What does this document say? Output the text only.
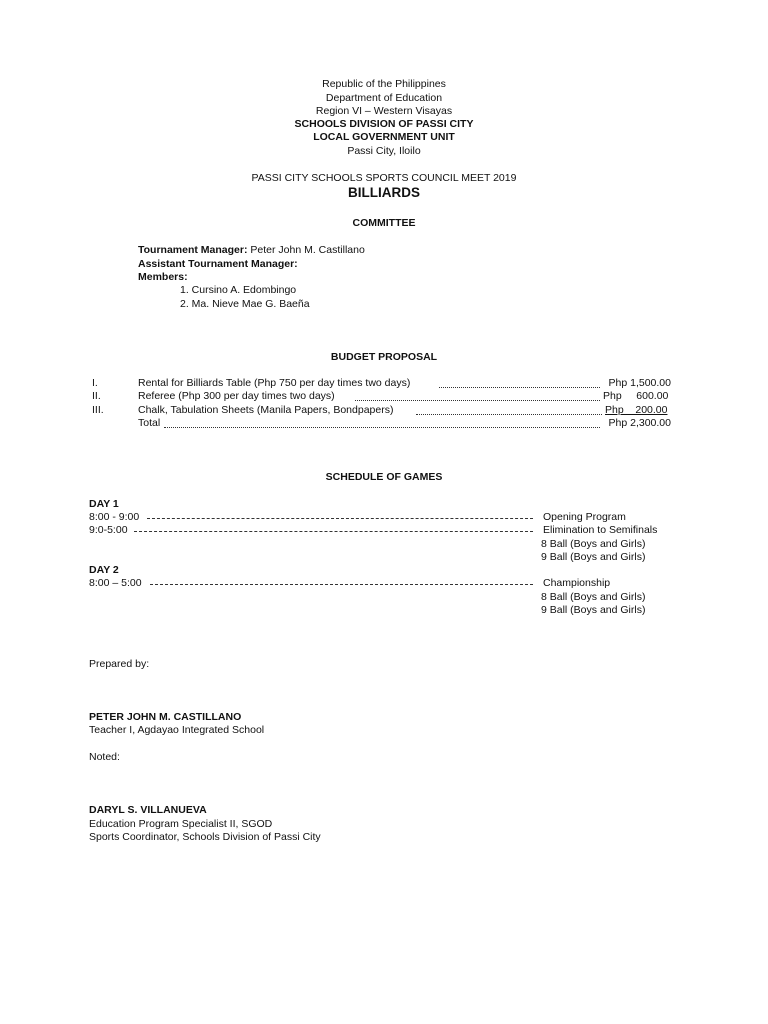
Republic of the Philippines
Department of Education
Region VI – Western Visayas
SCHOOLS DIVISION OF PASSI CITY
LOCAL GOVERNMENT UNIT
Passi City, Iloilo
PASSI CITY SCHOOLS SPORTS COUNCIL MEET 2019
BILLIARDS
COMMITTEE
Tournament Manager: Peter John M. Castillano
Assistant Tournament Manager:
Members:
1. Cursino A. Edombingo
2. Ma. Nieve Mae G. Baeña
BUDGET PROPOSAL
I.	Rental for Billiards Table (Php 750 per day times two days)	Php 1,500.00
II.	Referee (Php 300 per day times two days)	Php     600.00
III.	Chalk, Tabulation Sheets (Manila Papers, Bondpapers)	Php    200.00
Total	Php 2,300.00
SCHEDULE OF GAMES
DAY 1
8:00 - 9:00	Opening Program
9:0-5:00	Elimination to Semifinals
8 Ball (Boys and Girls)
9 Ball (Boys and Girls)
DAY 2
8:00 – 5:00	Championship
8 Ball (Boys and Girls)
9 Ball (Boys and Girls)
Prepared by:
PETER JOHN M. CASTILLANO
Teacher I, Agdayao Integrated School
Noted:
DARYL S. VILLANUEVA
Education Program Specialist II, SGOD
Sports Coordinator, Schools Division of Passi City
